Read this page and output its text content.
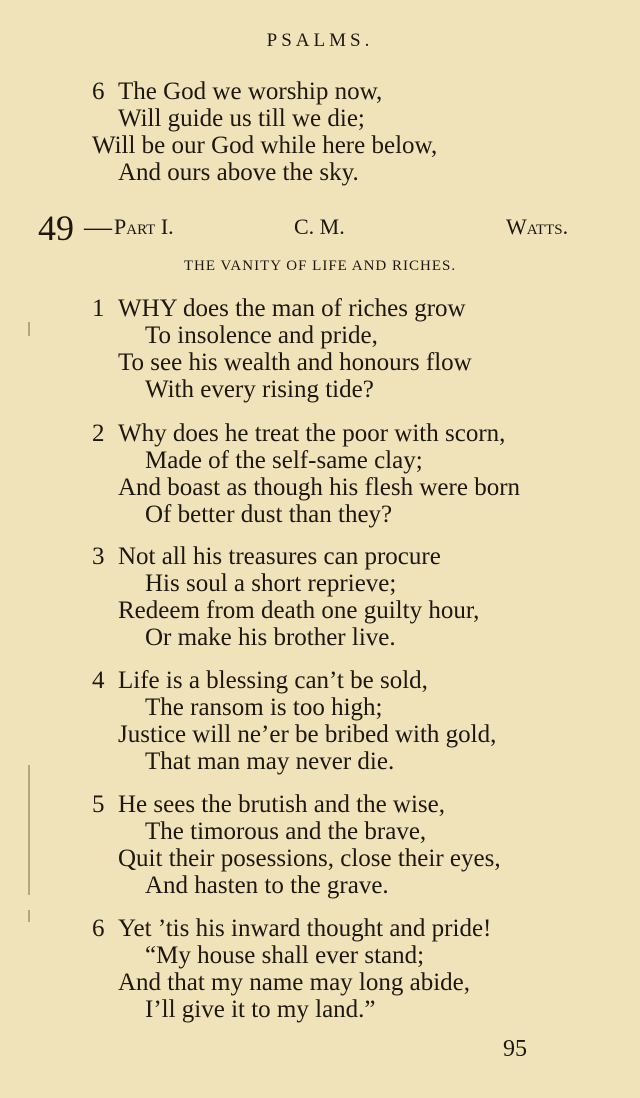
PSALMS.
6 The God we worship now,
Will guide us till we die;
Will be our God while here below,
And ours above the sky.
49 — Part I.	C. M.	Watts.
THE VANITY OF LIFE AND RICHES.
1 WHY does the man of riches grow
To insolence and pride,
To see his wealth and honours flow
With every rising tide?
2 Why does he treat the poor with scorn,
Made of the self-same clay;
And boast as though his flesh were born
Of better dust than they?
3 Not all his treasures can procure
His soul a short reprieve;
Redeem from death one guilty hour,
Or make his brother live.
4 Life is a blessing can’t be sold,
The ransom is too high;
Justice will ne’er be bribed with gold,
That man may never die.
5 He sees the brutish and the wise,
The timorous and the brave,
Quit their posessions, close their eyes,
And hasten to the grave.
6 Yet ’tis his inward thought and pride!
“My house shall ever stand;
And that my name may long abide,
I’ll give it to my land.”
95
